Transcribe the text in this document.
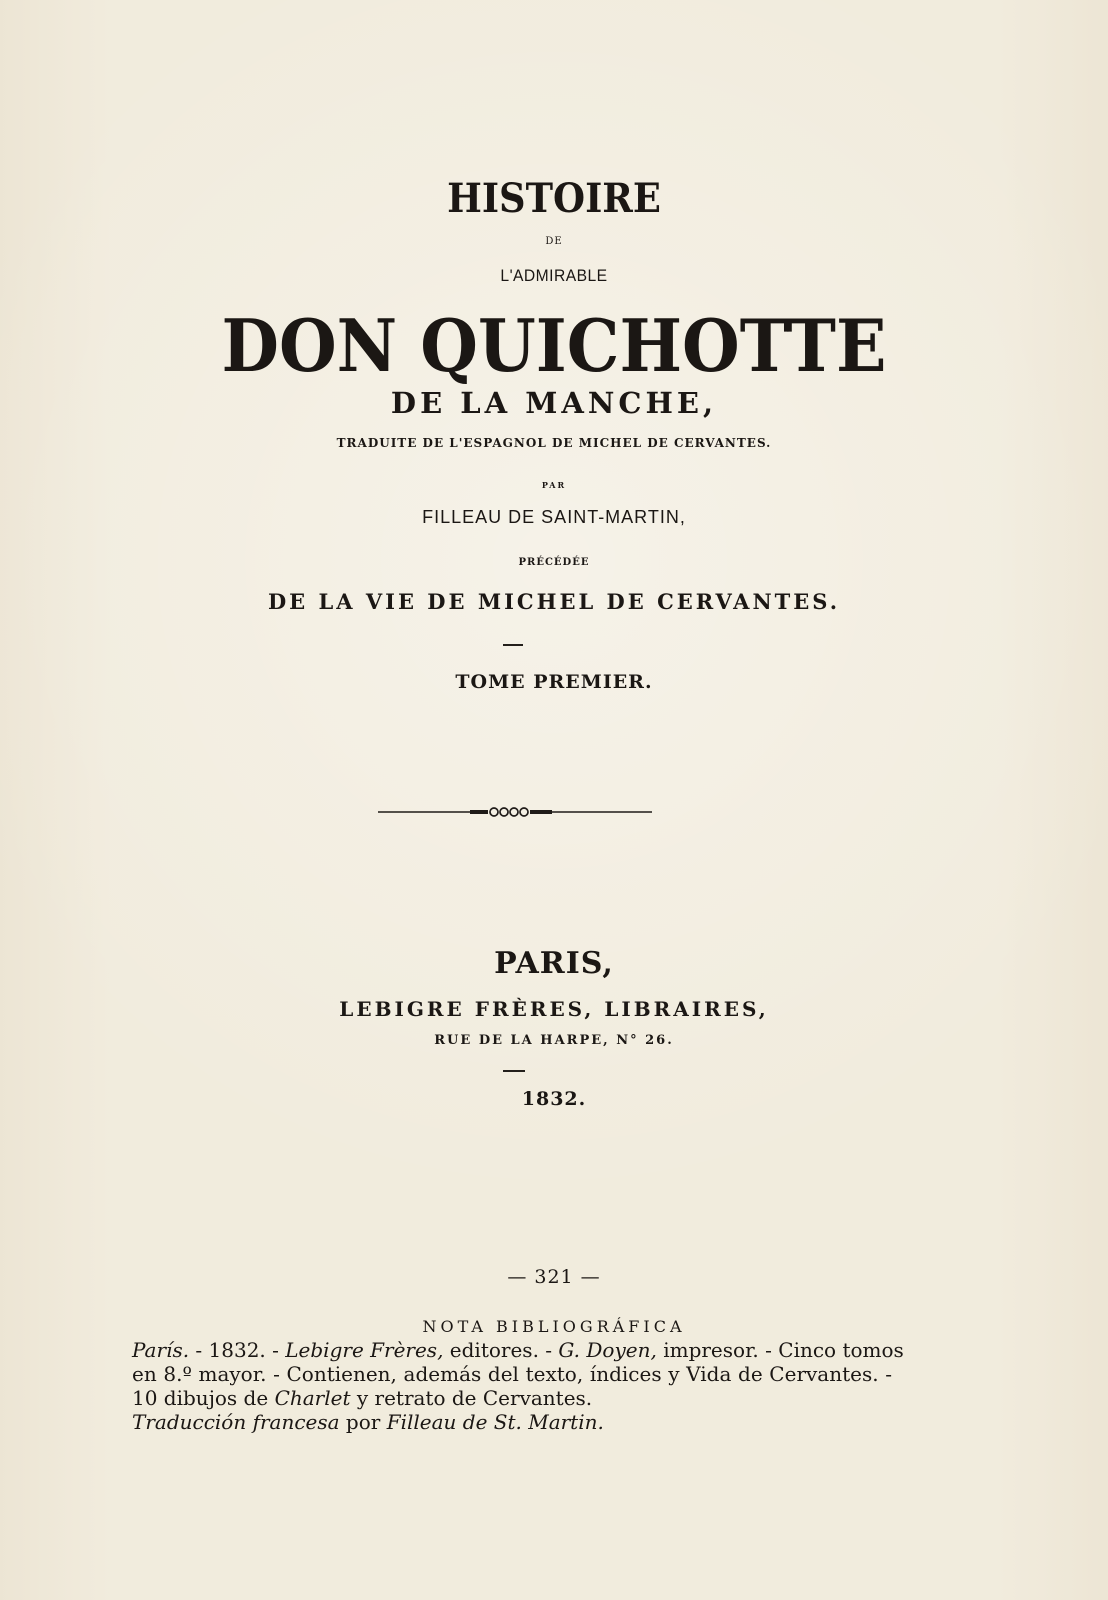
HISTOIRE

DE

L'ADMIRABLE

DON QUICHOTTE

DE LA MANCHE,

TRADUITE DE L'ESPAGNOL DE MICHEL DE CERVANTES.

PAR

FILLEAU DE SAINT-MARTIN,

PRÉCÉDÉE

DE LA VIE DE MICHEL DE CERVANTES.

TOME PREMIER.

PARIS,

LEBIGRE FRÈRES, LIBRAIRES,

RUE DE LA HARPE, N° 26.

1832.

— 321 —

NOTA BIBLIOGRÁFICA

París. - 1832. - Lebigre Frères, editores. - G. Doyen, impresor. - Cinco tomos
en 8.º mayor. - Contienen, además del texto, índices y Vida de Cervantes. -
10 dibujos de Charlet y retrato de Cervantes.
Traducción francesa por Filleau de St. Martin.
